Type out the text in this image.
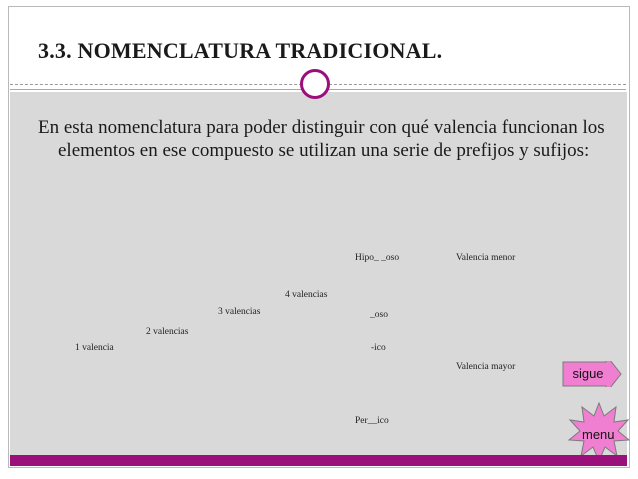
3.3. NOMENCLATURA TRADICIONAL.
En esta nomenclatura para poder distinguir con qué valencia funcionan los elementos en ese compuesto se utilizan una serie de prefijos y sufijos:
Hipo_ _oso	Valencia menor
4 valencias
3 valencias	_oso
2 valencias
1 valencia	-ico
Valencia mayor
Per__ico
sigue
menu
